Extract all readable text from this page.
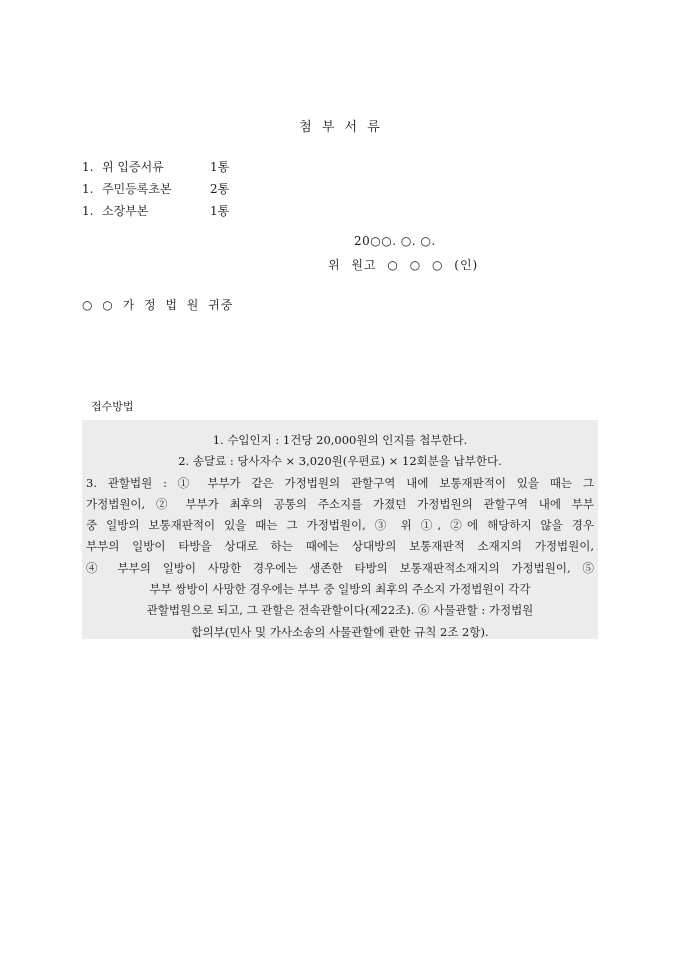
첨 부 서 류
1. 위 입증서류	1통
1. 주민등록초본	2통
1. 소장부본	1통
20○○. ○. ○.
위 원고 ○ ○ ○ (인)
○ ○ 가 정 법 원 귀중
접수방법
1. 수입인지 : 1건당 20,000원의 인지를 첩부한다.
2. 송달료 : 당사자수 × 3,020원(우편료) × 12회분을 납부한다.
3. 관할법원 : ① 부부가 같은 가정법원의 관할구역 내에 보통재판적이 있을 때는 그
가정법원이, ② 부부가 최후의 공통의 주소지를 가졌던 가정법원의 관할구역 내에 부부
중 일방의 보통재판적이 있을 때는 그 가정법원이, ③ 위 ①, ②에 해당하지 않을 경우
부부의 일방이 타방을 상대로 하는 때에는 상대방의 보통재판적 소재지의 가정법원이,
④ 부부의 일방이 사망한 경우에는 생존한 타방의 보통재판적소재지의 가정법원이, ⑤
부부 쌍방이 사망한 경우에는 부부 중 일방의 최후의 주소지 가정법원이 각각
관할법원으로 되고, 그 관할은 전속관할이다(제22조). ⑥ 사물관할 : 가정법원
합의부(민사 및 가사소송의 사물관할에 관한 규칙 2조 2항).
